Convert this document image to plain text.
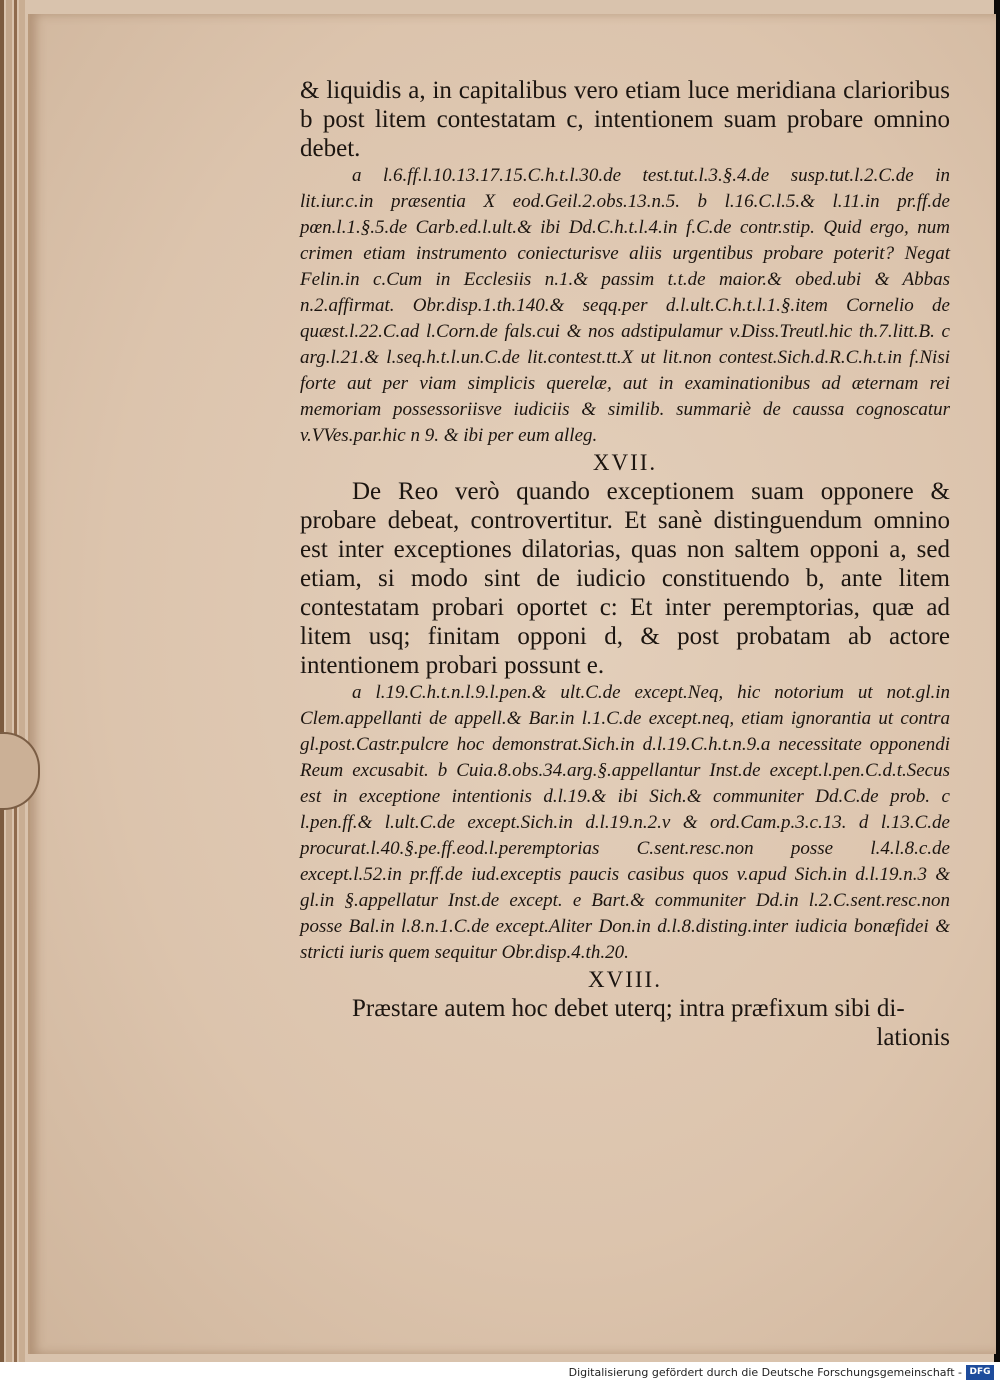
& liquidis a, in capitalibus vero etiam luce meridiana clarioribus b post litem contestatam c, intentionem suam probare omnino debet.

a l.6.ff.l.10.13.17.15.C.h.t.l.30.de test.tut.l.3.§.4.de susp.tut.l.2.C.de in lit.iur.c.in præsentia X eod.Geil.2.obs.13.n.5. b l.16.C.l.5.& l.11.in pr.ff.de pœn.l.1.§.5.de Carb.ed.l.ult.& ibi Dd.C.h.t.l.4.in f.C.de contr.stip. Quid ergo, num crimen etiam instrumento coniecturisve aliis urgentibus probare poterit? Negat Felin.in c.Cum in Ecclesiis n.1.& passim t.t.de maior.& obed.ubi & Abbas n.2.affirmat. Obr.disp.1.th.140.& seqq.per d.l.ult.C.h.t.l.1.§.item Cornelio de quæst.l.22.C.ad l.Corn.de fals.cui & nos adstipulamur v.Diss.Treutl.hic th.7.litt.B. c arg.l.21.& l.seq.h.t.l.un.C.de lit.contest.tt.X ut lit.non contest.Sich.d.R.C.h.t.in f.Nisi forte aut per viam simplicis querelæ, aut in examinationibus ad æternam rei memoriam possessoriisve iudiciis & similib. summariè de caussa cognoscatur v.VVes.par.hic n 9. & ibi per eum alleg.

XVII.

De Reo verò quando exceptionem suam opponere & probare debeat, controvertitur. Et sanè distinguendum omnino est inter exceptiones dilatorias, quas non saltem opponi a, sed etiam, si modo sint de iudicio constituendo b, ante litem contestatam probari oportet c: Et inter peremptorias, quæ ad litem usq; finitam opponi d, & post probatam ab actore intentionem probari possunt e.

a l.19.C.h.t.n.l.9.l.pen.& ult.C.de except.Neq, hic notorium ut not.gl.in Clem.appellanti de appell.& Bar.in l.1.C.de except.neq, etiam ignorantia ut contra gl.post.Castr.pulcre hoc demonstrat.Sich.in d.l.19.C.h.t.n.9.a necessitate opponendi Reum excusabit. b Cuia.8.obs.34.arg.§.appellantur Inst.de except.l.pen.C.d.t.Secus est in exceptione intentionis d.l.19.& ibi Sich.& communiter Dd.C.de prob. c l.pen.ff.& l.ult.C.de except.Sich.in d.l.19.n.2.v & ord.Cam.p.3.c.13. d l.13.C.de procurat.l.40.§.pe.ff.eod.l.peremptorias C.sent.resc.non posse l.4.l.8.c.de except.l.52.in pr.ff.de iud.exceptis paucis casibus quos v.apud Sich.in d.l.19.n.3 & gl.in §.appellatur Inst.de except. e Bart.& communiter Dd.in l.2.C.sent.resc.non posse Bal.in l.8.n.1.C.de except.Aliter Don.in d.l.8.disting.inter iudicia bonæfidei & stricti iuris quem sequitur Obr.disp.4.th.20.

XVIII.

Præstare autem hoc debet uterq; intra præfixum sibi di-

lationis

Digitalisierung gefördert durch die Deutsche Forschungsgemeinschaft - DFG
